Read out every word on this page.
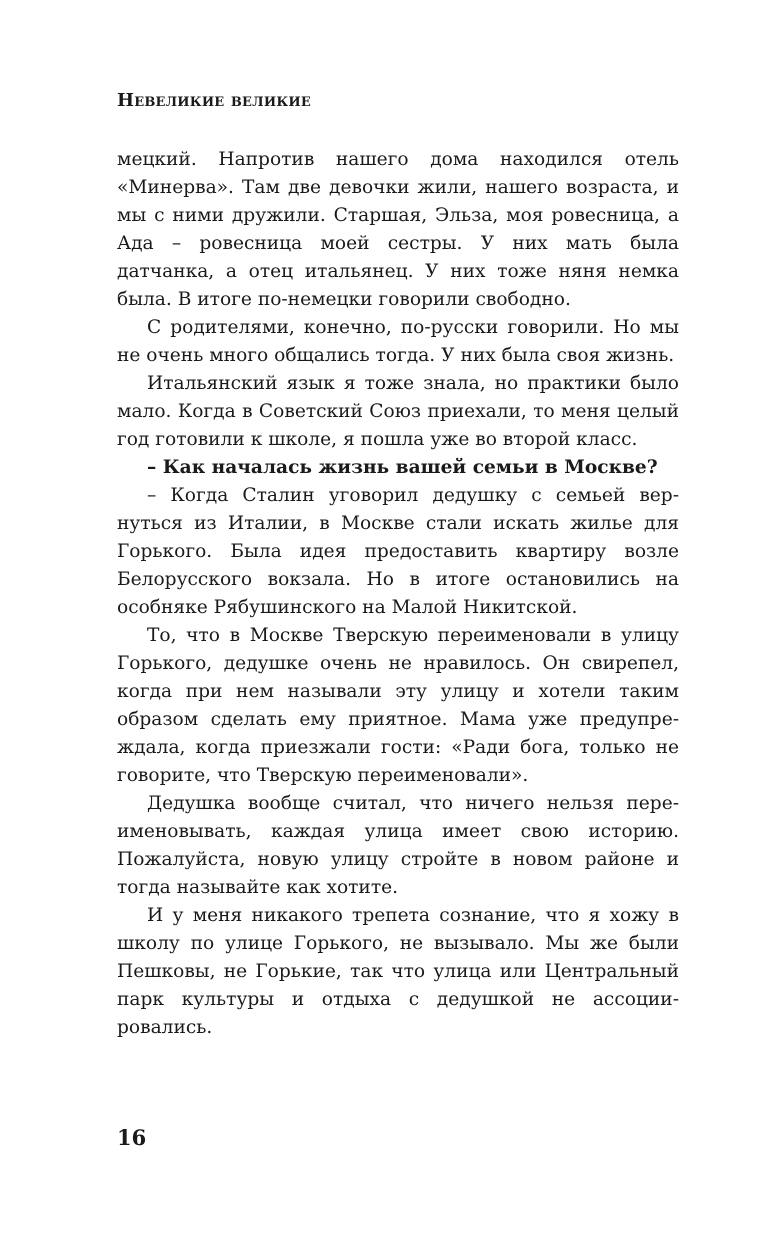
Невеликие великие

мецкий. Напротив нашего дома находился отель «Минерва». Там две девочки жили, нашего возраста, и мы с ними дружили. Старшая, Эльза, моя ровесница, а Ада – ровесница моей сестры. У них мать была датчанка, а отец итальянец. У них тоже няня немка была. В итоге по-немецки говорили свободно.

С родителями, конечно, по-русски говорили. Но мы не очень много общались тогда. У них была своя жизнь.

Итальянский язык я тоже знала, но практики было мало. Когда в Советский Союз приехали, то меня целый год готовили к школе, я пошла уже во второй класс.

– Как началась жизнь вашей семьи в Москве?

– Когда Сталин уговорил дедушку с семьей вернуться из Италии, в Москве стали искать жилье для Горького. Была идея предоставить квартиру возле Белорусского вокзала. Но в итоге остановились на особняке Рябушинского на Малой Никитской.

То, что в Москве Тверскую переименовали в улицу Горького, дедушке очень не нравилось. Он свирепел, когда при нем называли эту улицу и хотели таким образом сделать ему приятное. Мама уже предупреждала, когда приезжали гости: «Ради бога, только не говорите, что Тверскую переименовали».

Дедушка вообще считал, что ничего нельзя переименовывать, каждая улица имеет свою историю. Пожалуйста, новую улицу стройте в новом районе и тогда называйте как хотите.

И у меня никакого трепета сознание, что я хожу в школу по улице Горького, не вызывало. Мы же были Пешковы, не Горькие, так что улица или Центральный парк культуры и отдыха с дедушкой не ассоциировались.

16
